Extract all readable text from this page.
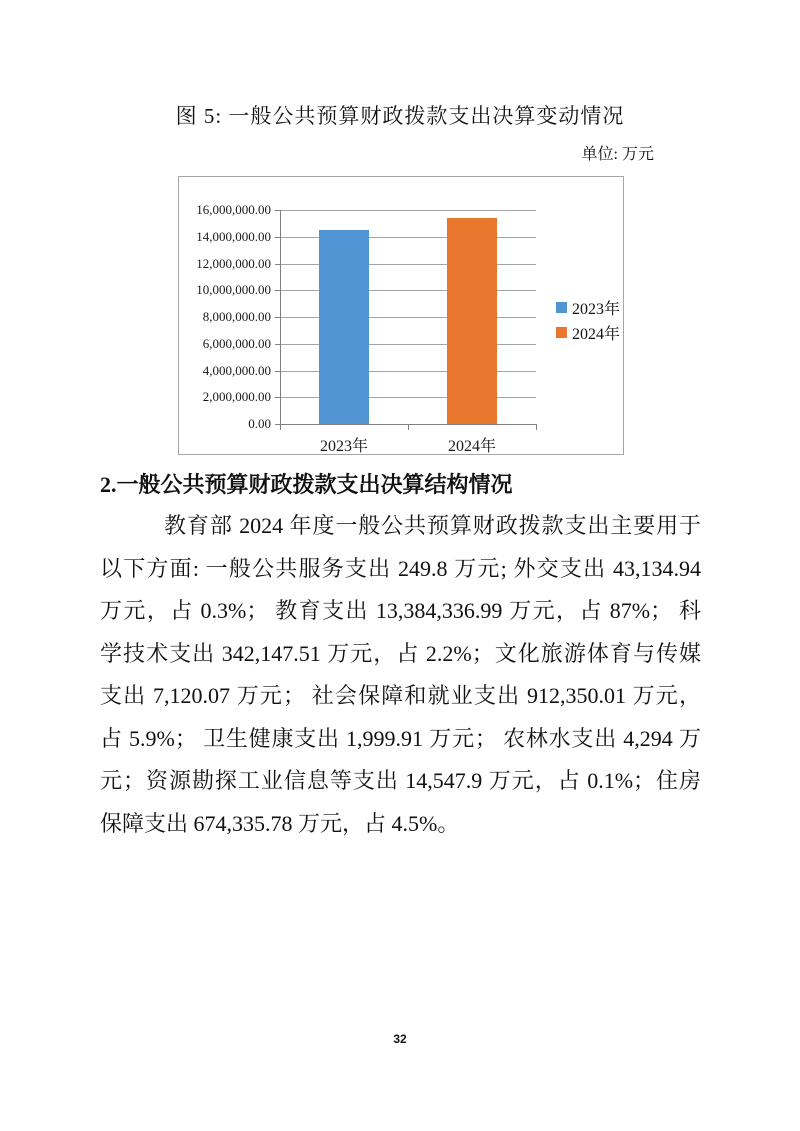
图 5: 一般公共预算财政拨款支出决算变动情况
单位: 万元
0.00
2,000,000.00
4,000,000.00
6,000,000.00
8,000,000.00
10,000,000.00
12,000,000.00
14,000,000.00
16,000,000.00
2023年	2024年
2023年
2024年
2.一般公共预算财政拨款支出决算结构情况
教育部 2024 年度一般公共预算财政拨款支出主要用于
以下方面: 一般公共服务支出 249.8 万元; 外交支出 43,134.94
万元，占 0.3%； 教育支出 13,384,336.99 万元，占 87%； 科
学技术支出 342,147.51 万元，占 2.2%；文化旅游体育与传媒
支出 7,120.07 万元； 社会保障和就业支出 912,350.01 万元，
占 5.9%； 卫生健康支出 1,999.91 万元； 农林水支出 4,294 万
元；资源勘探工业信息等支出 14,547.9 万元，占 0.1%；住房
保障支出 674,335.78 万元，占 4.5%。
32
